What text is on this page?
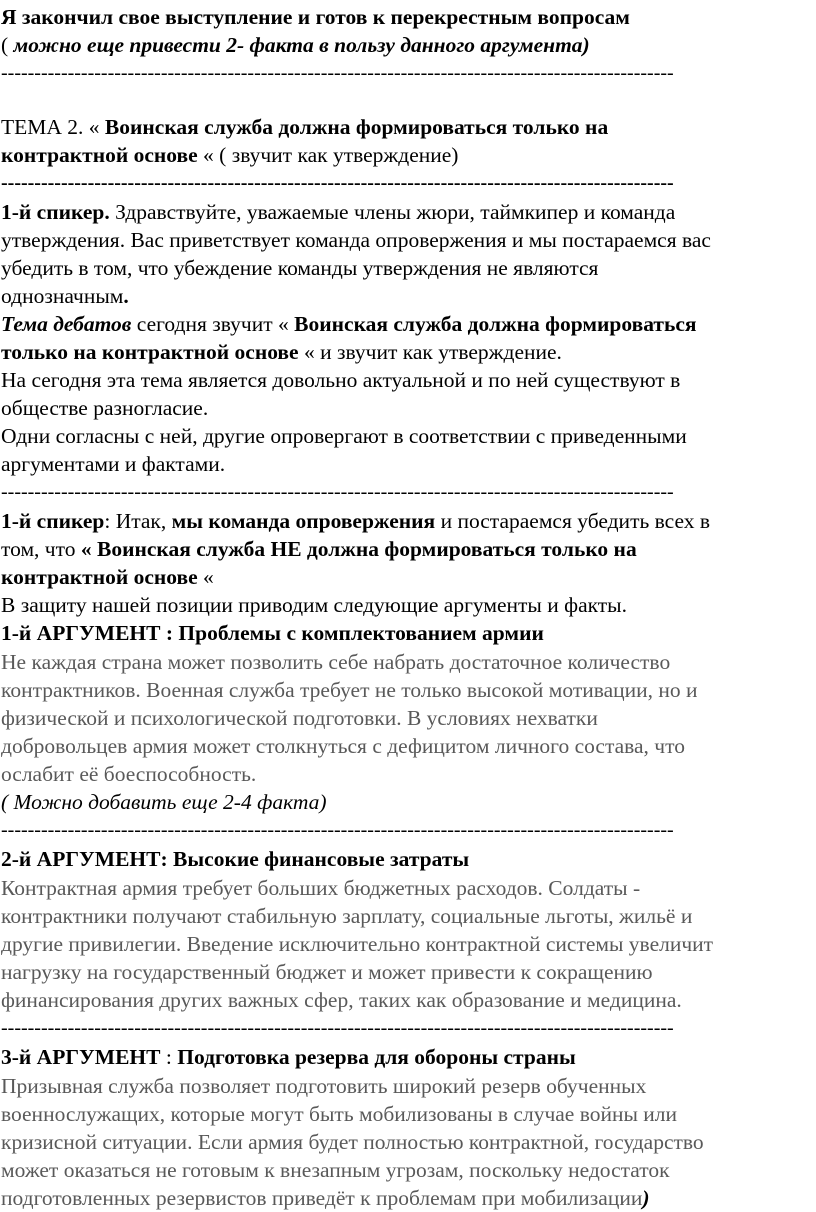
Я закончил свое выступление и готов к перекрестным вопросам
( можно еще привести 2- факта в пользу данного аргумента)
-----------------------------------------------------------------------------------------------------
ТЕМА 2. « Воинская служба должна формироваться только на
контрактной основе « ( звучит как утверждение)
-----------------------------------------------------------------------------------------------------
1-й спикер. Здравствуйте, уважаемые члены жюри, таймкипер и команда
утверждения. Вас приветствует команда опровержения и мы постараемся вас
убедить в том, что убеждение команды утверждения не являются
однозначным.
Тема дебатов сегодня звучит « Воинская служба должна формироваться
только на контрактной основе « и звучит как утверждение.
На сегодня эта тема является довольно актуальной и по ней существуют в
обществе разногласие.
Одни согласны с ней, другие опровергают в соответствии с приведенными
аргументами и фактами.
-----------------------------------------------------------------------------------------------------
1-й спикер: Итак, мы команда опровержения и постараемся убедить всех в
том, что « Воинская служба НЕ должна формироваться только на
контрактной основе «
В защиту нашей позиции приводим следующие аргументы и факты.
1-й АРГУМЕНТ : Проблемы с комплектованием армии
Не каждая страна может позволить себе набрать достаточное количество
контрактников. Военная служба требует не только высокой мотивации, но и
физической и психологической подготовки. В условиях нехватки
добровольцев армия может столкнуться с дефицитом личного состава, что
ослабит её боеспособность.
( Можно добавить еще 2-4 факта)
-----------------------------------------------------------------------------------------------------
2-й АРГУМЕНТ: Высокие финансовые затраты
Контрактная армия требует больших бюджетных расходов. Солдаты -
контрактники получают стабильную зарплату, социальные льготы, жильё и
другие привилегии. Введение исключительно контрактной системы увеличит
нагрузку на государственный бюджет и может привести к сокращению
финансирования других важных сфер, таких как образование и медицина.
-----------------------------------------------------------------------------------------------------
3-й АРГУМЕНТ : Подготовка резерва для обороны страны
Призывная служба позволяет подготовить широкий резерв обученных
военнослужащих, которые могут быть мобилизованы в случае войны или
кризисной ситуации. Если армия будет полностью контрактной, государство
может оказаться не готовым к внезапным угрозам, поскольку недостаток
подготовленных резервистов приведёт к проблемам при мобилизации)
